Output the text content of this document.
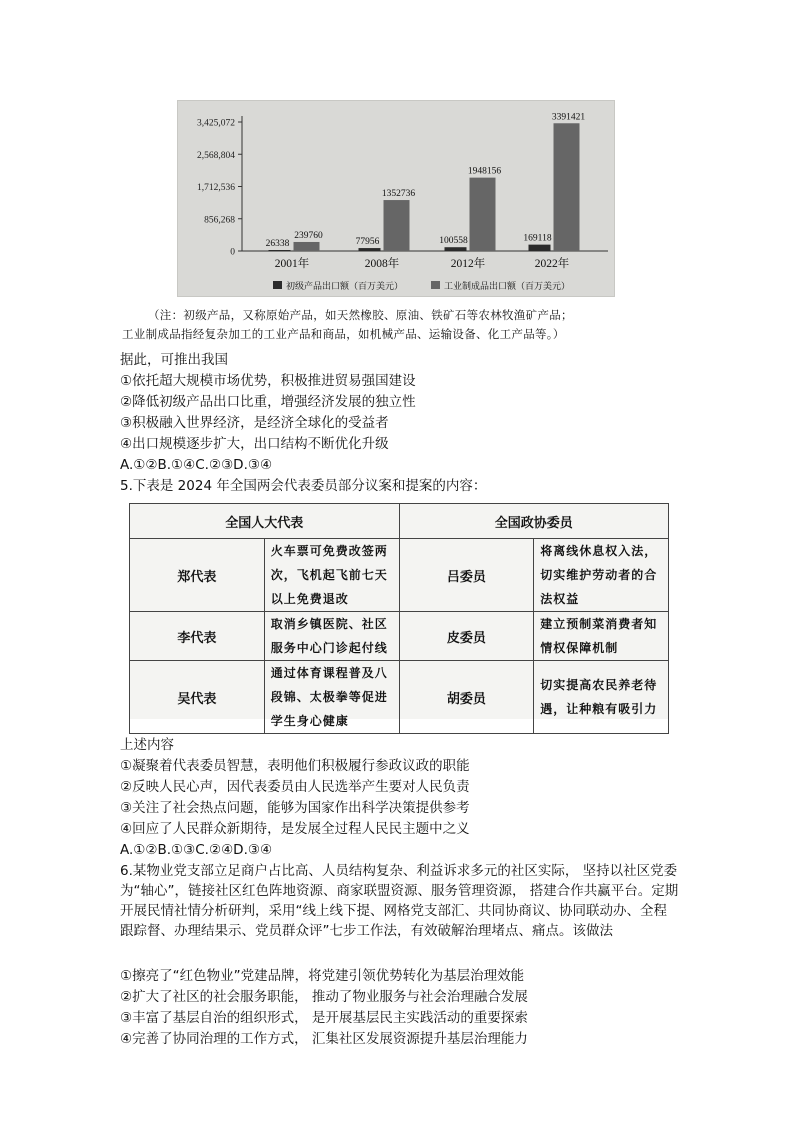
0
856,268
1,712,536
2,568,804
3,425,072
26338
239760
2001年
77956
1352736
2008年
100558
1948156
2012年
169118
3391421
2022年
初级产品出口额（百万美元）	工业制成品出口额（百万美元）
（注：初级产品，又称原始产品，如天然橡胶、原油、铁矿石等农林牧渔矿产品；
工业制成品指经复杂加工的工业产品和商品，如机械产品、运输设备、化工产品等。）
据此，可推出我国
①依托超大规模市场优势，积极推进贸易强国建设
②降低初级产品出口比重，增强经济发展的独立性
③积极融入世界经济，是经济全球化的受益者
④出口规模逐步扩大，出口结构不断优化升级
A.①②B.①④C.②③D.③④
5.下表是 2024 年全国两会代表委员部分议案和提案的内容：
全国人大代表		全国政协委员	
郑代表	火车票可免费改签两次，飞机起飞前七天以上免费退改	吕委员	将离线休息权入法，切实维护劳动者的合法权益
李代表	取消乡镇医院、社区服务中心门诊起付线	皮委员	建立预制菜消费者知情权保障机制
吴代表	通过体育课程普及八段锦、太极拳等促进学生身心健康	胡委员	切实提高农民养老待遇，让种粮有吸引力
上述内容
①凝聚着代表委员智慧，表明他们积极履行参政议政的职能
②反映人民心声，因代表委员由人民选举产生要对人民负责
③关注了社会热点问题，能够为国家作出科学决策提供参考
④回应了人民群众新期待，是发展全过程人民民主题中之义
A.①②B.①③C.②④D.③④
6.某物业党支部立足商户占比高、人员结构复杂、利益诉求多元的社区实际， 坚持以社区党委为“轴心”，链接社区红色阵地资源、商家联盟资源、服务管理资源， 搭建合作共赢平台。定期开展民情社情分析研判，采用“线上线下提、网格党支部汇、共同协商议、协同联动办、全程跟踪督、办理结果示、党员群众评”七步工作法，有效破解治理堵点、痛点。该做法
①擦亮了“红色物业”党建品牌，将党建引领优势转化为基层治理效能
②扩大了社区的社会服务职能， 推动了物业服务与社会治理融合发展
③丰富了基层自治的组织形式， 是开展基层民主实践活动的重要探索
④完善了协同治理的工作方式， 汇集社区发展资源提升基层治理能力
